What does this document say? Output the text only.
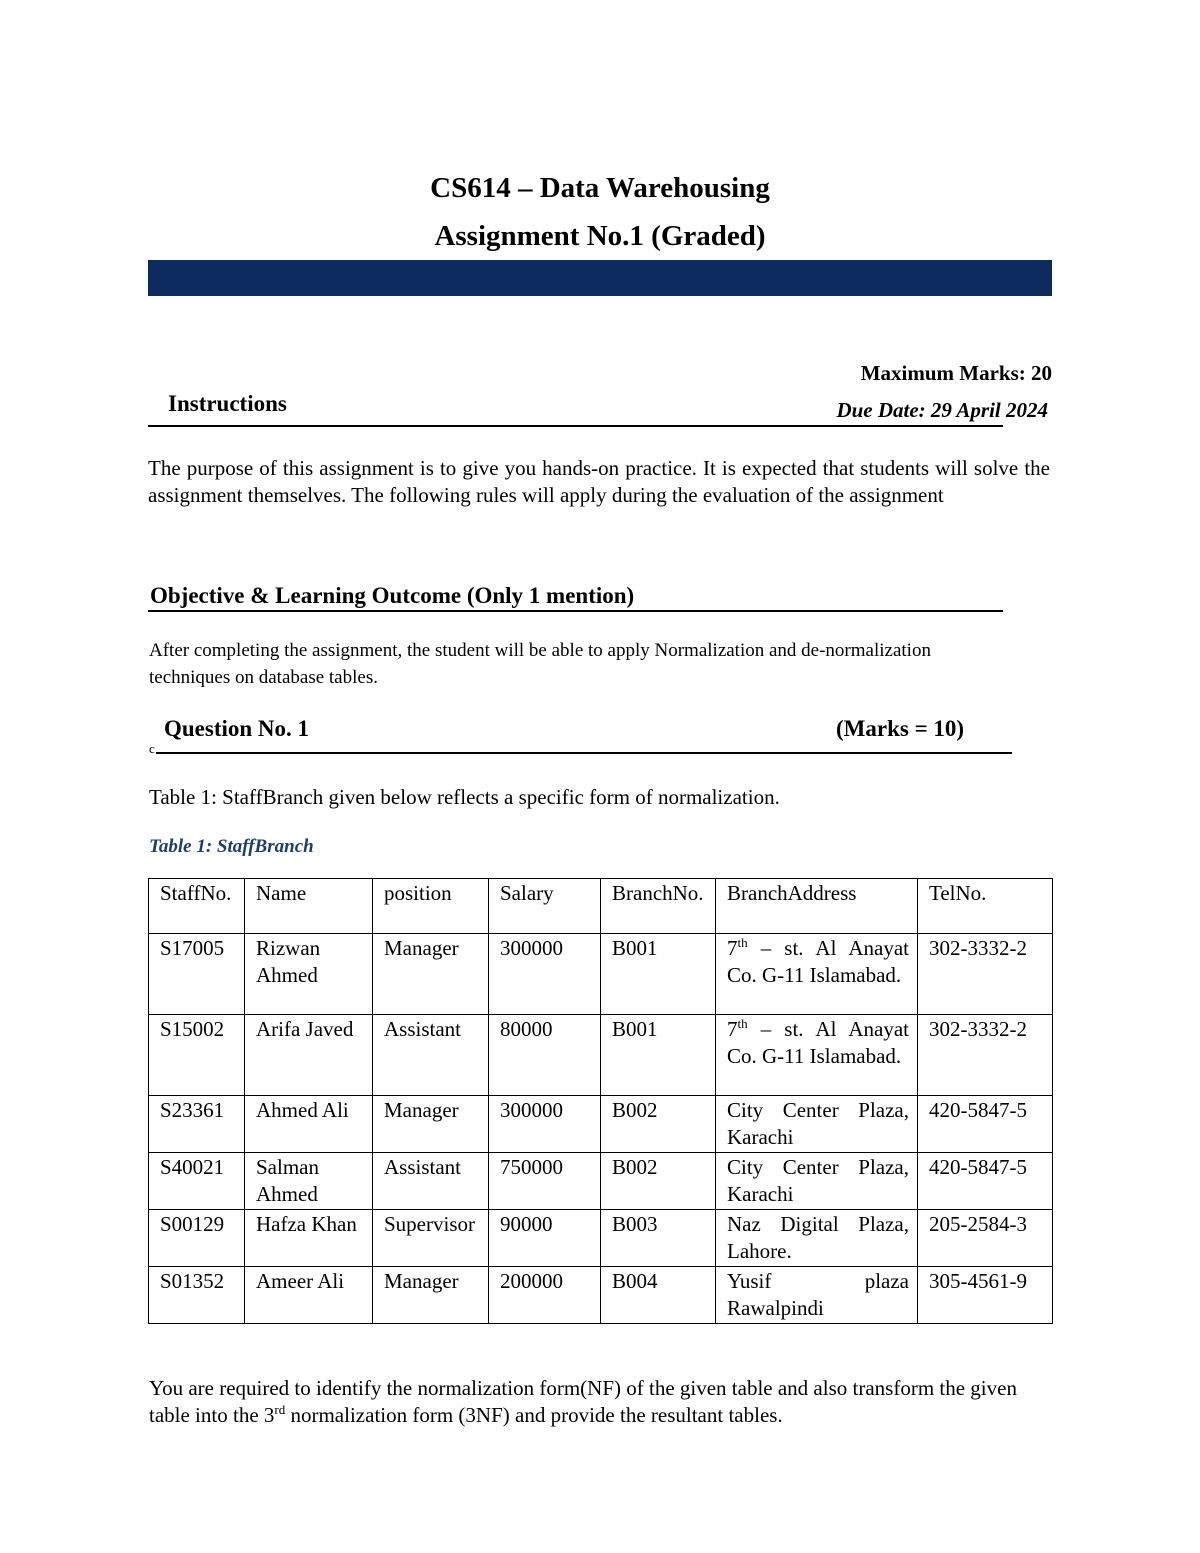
CS614 – Data Warehousing
Assignment No.1 (Graded)
Maximum Marks: 20
Instructions	Due Date: 29 April 2024
The purpose of this assignment is to give you hands-on practice. It is expected that students will solve the assignment themselves. The following rules will apply during the evaluation of the assignment
Objective & Learning Outcome (Only 1 mention)
After completing the assignment, the student will be able to apply Normalization and de-normalization techniques on database tables.
c
Question No. 1	(Marks = 10)
Table 1: StaffBranch given below reflects a specific form of normalization.
Table 1: StaffBranch
StaffNo.	Name	position	Salary	BranchNo.	BranchAddress	TelNo.
S17005	Rizwan Ahmed	Manager	300000	B001	7th – st. Al Anayat Co. G-11 Islamabad.	302-3332-2
S15002	Arifa Javed	Assistant	80000	B001	7th – st. Al Anayat Co. G-11 Islamabad.	302-3332-2
S23361	Ahmed Ali	Manager	300000	B002	City Center Plaza, Karachi	420-5847-5
S40021	Salman Ahmed	Assistant	750000	B002	City Center Plaza, Karachi	420-5847-5
S00129	Hafza Khan	Supervisor	90000	B003	Naz Digital Plaza, Lahore.	205-2584-3
S01352	Ameer Ali	Manager	200000	B004	Yusif plaza Rawalpindi	305-4561-9
You are required to identify the normalization form(NF) of the given table and also transform the given table into the 3rd normalization form (3NF) and provide the resultant tables.
